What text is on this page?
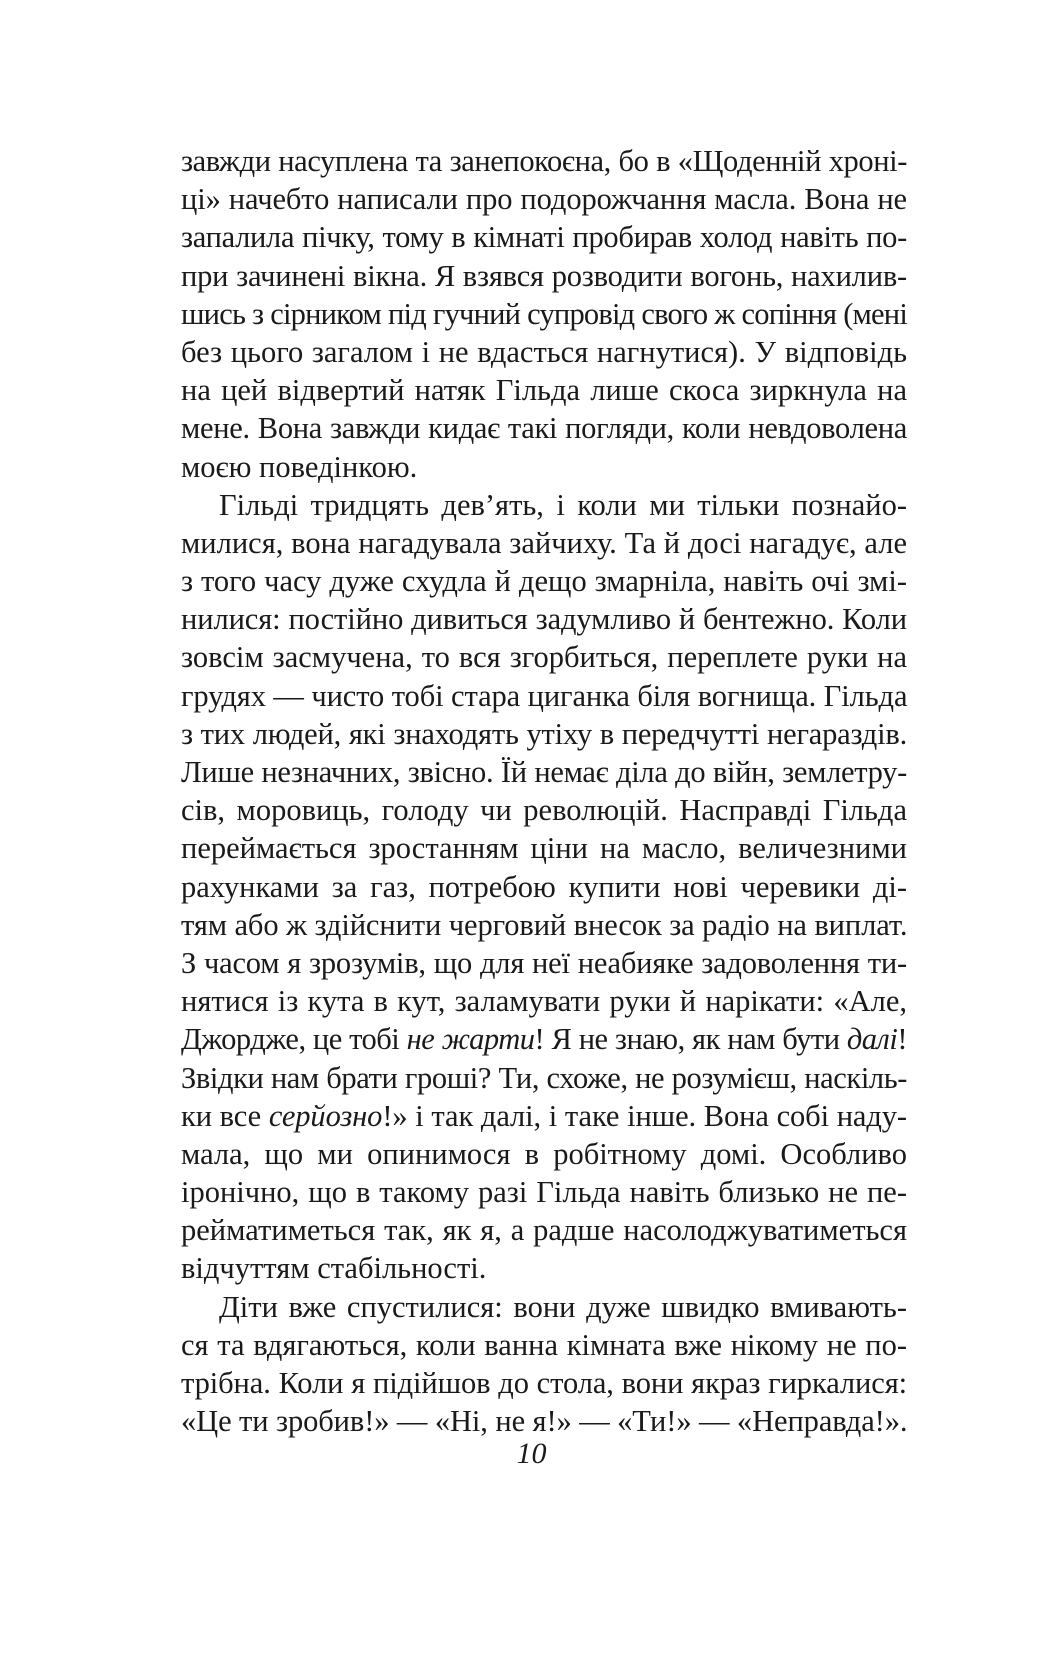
завжди насуплена та занепокоєна, бо в «Щоденній хроні-
ці» начебто написали про подорожчання масла. Вона не
запалила пічку, тому в кімнаті пробирав холод навіть по-
при зачинені вікна. Я взявся розводити вогонь, нахилив-
шись з сірником під гучний супровід свого ж сопіння (мені
без цього загалом і не вдасться нагнутися). У відповідь
на цей відвертий натяк Гільда лише скоса зиркнула на
мене. Вона завжди кидає такі погляди, коли невдоволена
моєю поведінкою.
Гільді тридцять дев’ять, і коли ми тільки познайо-
милися, вона нагадувала зайчиху. Та й досі нагадує, але
з того часу дуже схудла й дещо змарніла, навіть очі змі-
нилися: постійно дивиться задумливо й бентежно. Коли
зовсім засмучена, то вся згорбиться, переплете руки на
грудях — чисто тобі стара циганка біля вогнища. Гільда
з тих людей, які знаходять утіху в передчутті негараздів.
Лише незначних, звісно. Їй немає діла до війн, землетру-
сів, моровиць, голоду чи революцій. Насправді Гільда
переймається зростанням ціни на масло, величезними
рахунками за газ, потребою купити нові черевики ді-
тям або ж здійснити черговий внесок за радіо на виплат.
З часом я зрозумів, що для неї неабияке задоволення ти-
нятися із кута в кут, заламувати руки й нарікати: «Але,
Джордже, це тобі не жарти! Я не знаю, як нам бути далі!
Звідки нам брати гроші? Ти, схоже, не розумієш, наскіль-
ки все серйозно!» і так далі, і таке інше. Вона собі наду-
мала, що ми опинимося в робітному домі. Особливо
іронічно, що в такому разі Гільда навіть близько не пе-
рейматиметься так, як я, а радше насолоджуватиметься
відчуттям стабільності.
Діти вже спустилися: вони дуже швидко вмивають-
ся та вдягаються, коли ванна кімната вже нікому не по-
трібна. Коли я підійшов до стола, вони якраз гиркалися:
«Це ти зробив!» — «Ні, не я!» — «Ти!» — «Неправда!».
10
